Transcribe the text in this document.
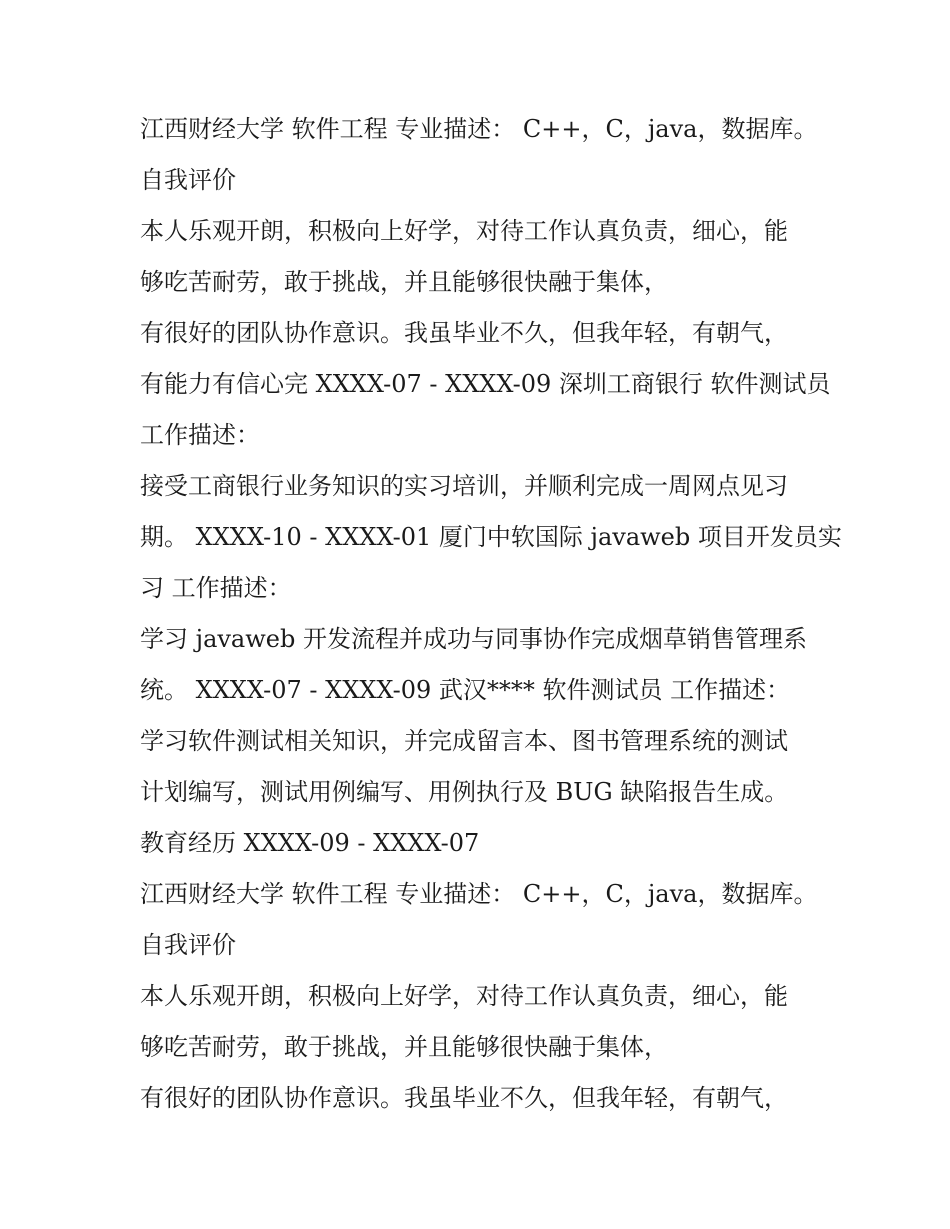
江西财经大学 软件工程 专业描述： C++，C，java，数据库。
自我评价
本人乐观开朗，积极向上好学，对待工作认真负责，细心，能
够吃苦耐劳，敢于挑战，并且能够很快融于集体，
有很好的团队协作意识。我虽毕业不久，但我年轻，有朝气，
有能力有信心完 XXXX-07 - XXXX-09 深圳工商银行 软件测试员
工作描述：
接受工商银行业务知识的实习培训，并顺利完成一周网点见习
期。 XXXX-10 - XXXX-01 厦门中软国际 javaweb 项目开发员实
习 工作描述：
学习 javaweb 开发流程并成功与同事协作完成烟草销售管理系
统。 XXXX-07 - XXXX-09 武汉**** 软件测试员 工作描述：
学习软件测试相关知识，并完成留言本、图书管理系统的测试
计划编写，测试用例编写、用例执行及 BUG 缺陷报告生成。
教育经历 XXXX-09 - XXXX-07
江西财经大学 软件工程 专业描述： C++，C，java，数据库。
自我评价
本人乐观开朗，积极向上好学，对待工作认真负责，细心，能
够吃苦耐劳，敢于挑战，并且能够很快融于集体，
有很好的团队协作意识。我虽毕业不久，但我年轻，有朝气，
